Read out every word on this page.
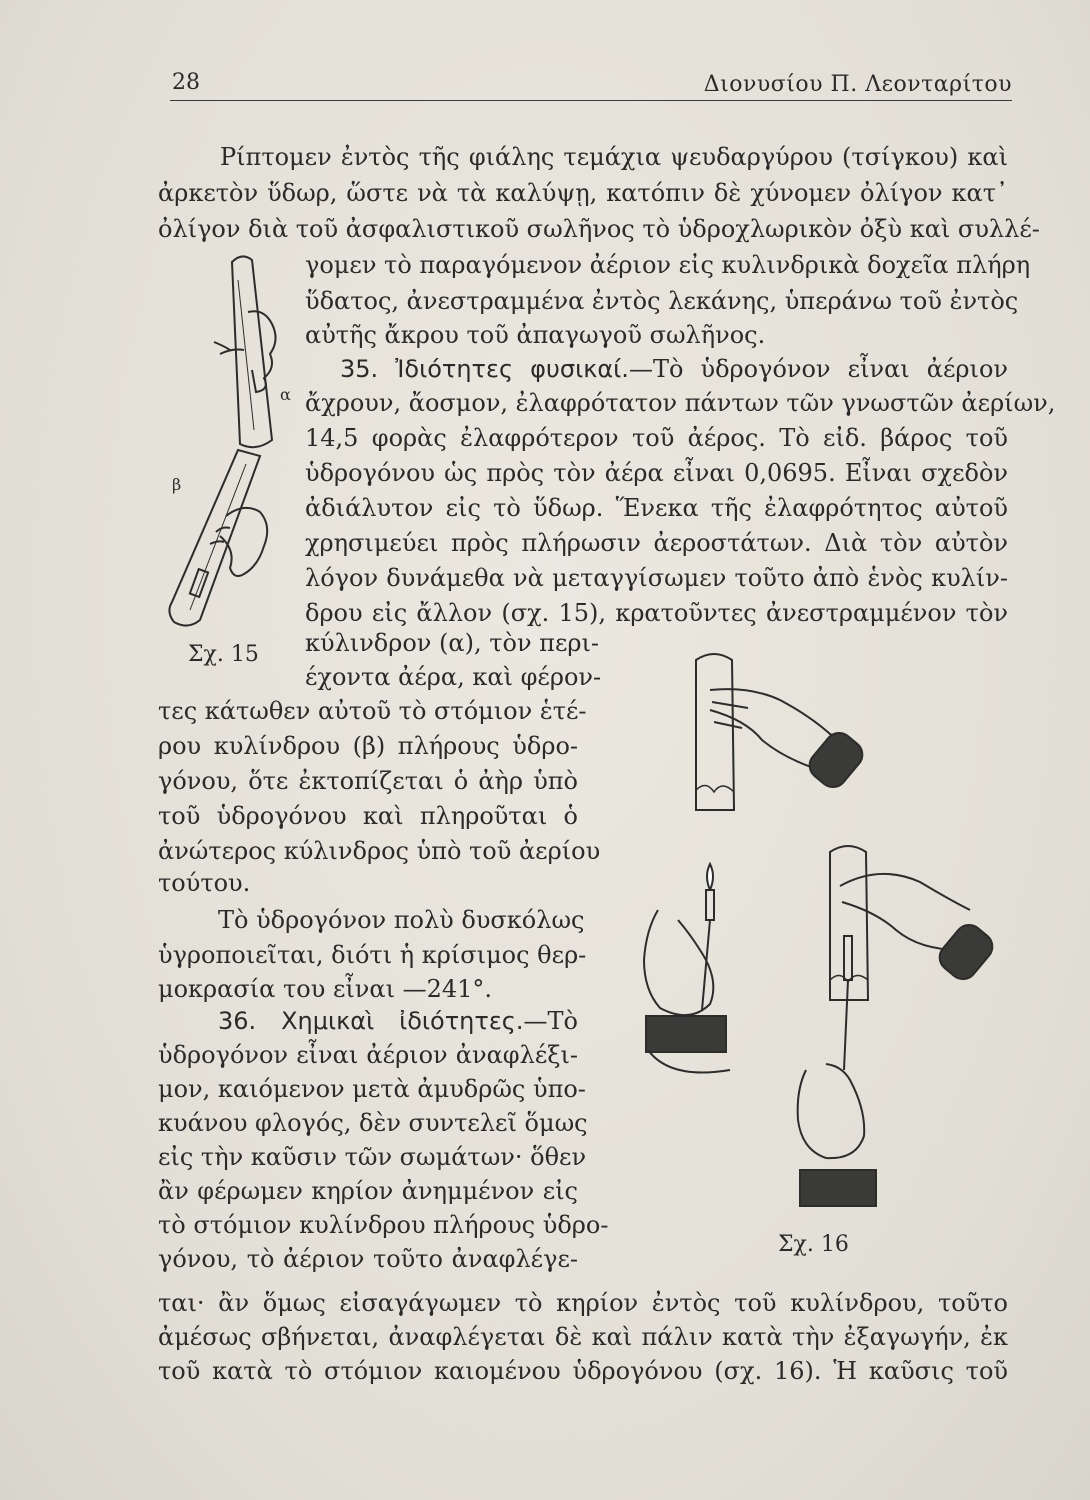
28	Διονυσίου Π. Λεονταρίτου
Ρίπτομεν ἐντὸς τῆς φιάλης τεμάχια ψευδαργύρου (τσίγκου) καὶ
ἀρκετὸν ὕδωρ, ὥστε νὰ τὰ καλύψῃ, κατόπιν δὲ χύνομεν ὀλίγον κατ᾽
ὀλίγον διὰ τοῦ ἀσφαλιστικοῦ σωλῆνος τὸ ὑδροχλωρικὸν ὀξὺ καὶ συλλέ-
γομεν τὸ παραγόμενον ἀέριον εἰς κυλινδρικὰ δοχεῖα πλήρη
ὕδατος, ἀνεστραμμένα ἐντὸς λεκάνης, ὑπεράνω τοῦ ἐντὸς
αὐτῆς ἄκρου τοῦ ἀπαγωγοῦ σωλῆνος.
35. Ἰδιότητες φυσικαί.—Τὸ ὑδρογόνον εἶναι ἀέριον
ἄχρουν, ἄοσμον, ἐλαφρότατον πάντων τῶν γνωστῶν ἀερίων,
14,5 φορὰς ἐλαφρότερον τοῦ ἀέρος. Τὸ εἰδ. βάρος τοῦ
ὑδρογόνου ὡς πρὸς τὸν ἀέρα εἶναι 0,0695. Εἶναι σχεδὸν
ἀδιάλυτον εἰς τὸ ὕδωρ. Ἕνεκα τῆς ἐλαφρότητος αὐτοῦ
χρησιμεύει πρὸς πλήρωσιν ἀεροστάτων. Διὰ τὸν αὐτὸν
λόγον δυνάμεθα νὰ μεταγγίσωμεν τοῦτο ἀπὸ ἑνὸς κυλίν-
δρου εἰς ἄλλον (σχ. 15), κρατοῦντες ἀνεστραμμένον τὸν
κύλινδρον (α), τὸν περι-
έχοντα ἀέρα, καὶ φέρον-
τες κάτωθεν αὐτοῦ τὸ στόμιον ἑτέ-
ρου κυλίνδρου (β) πλήρους ὑδρο-
γόνου, ὅτε ἐκτοπίζεται ὁ ἀὴρ ὑπὸ
τοῦ ὑδρογόνου καὶ πληροῦται ὁ
ἀνώτερος κύλινδρος ὑπὸ τοῦ ἀερίου
τούτου.
Τὸ ὑδρογόνον πολὺ δυσκόλως
ὑγροποιεῖται, διότι ἡ κρίσιμος θερ-
μοκρασία του εἶναι —241°.
36. Χημικαὶ ἰδιότητες.—Τὸ
ὑδρογόνον εἶναι ἀέριον ἀναφλέξι-
μον, καιόμενον μετὰ ἀμυδρῶς ὑπο-
κυάνου φλογός, δὲν συντελεῖ ὅμως
εἰς τὴν καῦσιν τῶν σωμάτων· ὅθεν
ἂν φέρωμεν κηρίον ἀνημμένον εἰς
τὸ στόμιον κυλίνδρου πλήρους ὑδρο-
γόνου, τὸ ἀέριον τοῦτο ἀναφλέγε-
ται· ἂν ὅμως εἰσαγάγωμεν τὸ κηρίον ἐντὸς τοῦ κυλίνδρου, τοῦτο
ἀμέσως σβήνεται, ἀναφλέγεται δὲ καὶ πάλιν κατὰ τὴν ἐξαγωγήν, ἐκ
τοῦ κατὰ τὸ στόμιον καιομένου ὑδρογόνου (σχ. 16). Ἡ καῦσις τοῦ
α
β
Σχ. 15
Σχ. 16
